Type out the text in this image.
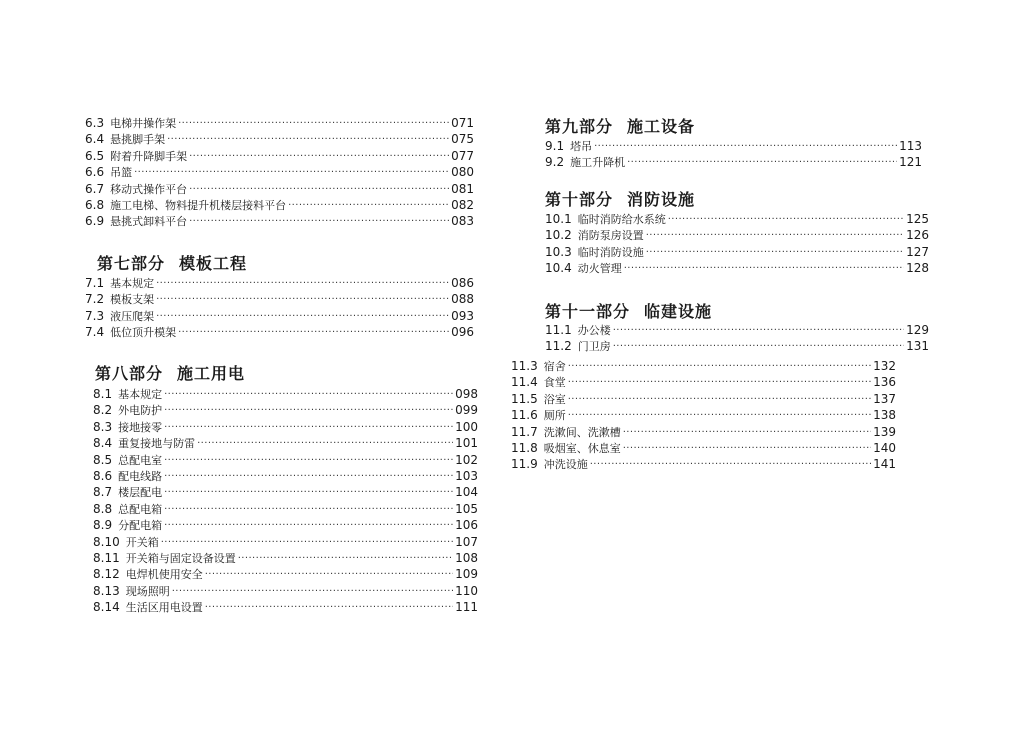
6.3 电梯井操作架 ·····	071
6.4 悬挑脚手架 ·····	075
6.5 附着升降脚手架 ·····	077
6.6 吊篮 ·····	080
6.7 移动式操作平台 ·····	081
6.8 施工电梯、物料提升机楼层接料平台 ·····	082
6.9 悬挑式卸料平台 ·····	083
第七部分 模板工程
7.1 基本规定 ·····	086
7.2 模板支架 ·····	088
7.3 液压爬架 ·····	093
7.4 低位顶升模架 ·····	096
第八部分 施工用电
8.1 基本规定 ·····	098
8.2 外电防护 ·····	099
8.3 接地接零 ·····	100
8.4 重复接地与防雷 ·····	101
8.5 总配电室 ·····	102
8.6 配电线路 ·····	103
8.7 楼层配电 ·····	104
8.8 总配电箱 ·····	105
8.9 分配电箱 ·····	106
8.10 开关箱 ·····	107
8.11 开关箱与固定设备设置 ·····	108
8.12 电焊机使用安全 ·····	109
8.13 现场照明 ·····	110
8.14 生活区用电设置 ·····	111
第九部分 施工设备
9.1 塔吊 ·····	113
9.2 施工升降机 ·····	121
第十部分 消防设施
10.1 临时消防给水系统 ·····	125
10.2 消防泵房设置 ·····	126
10.3 临时消防设施 ·····	127
10.4 动火管理 ·····	128
第十一部分 临建设施
11.1 办公楼 ·····	129
11.2 门卫房 ·····	131
11.3 宿舍 ·····	132
11.4 食堂 ·····	136
11.5 浴室 ·····	137
11.6 厕所 ·····	138
11.7 洗漱间、洗漱槽 ·····	139
11.8 吸烟室、休息室 ·····	140
11.9 冲洗设施 ·····	141
